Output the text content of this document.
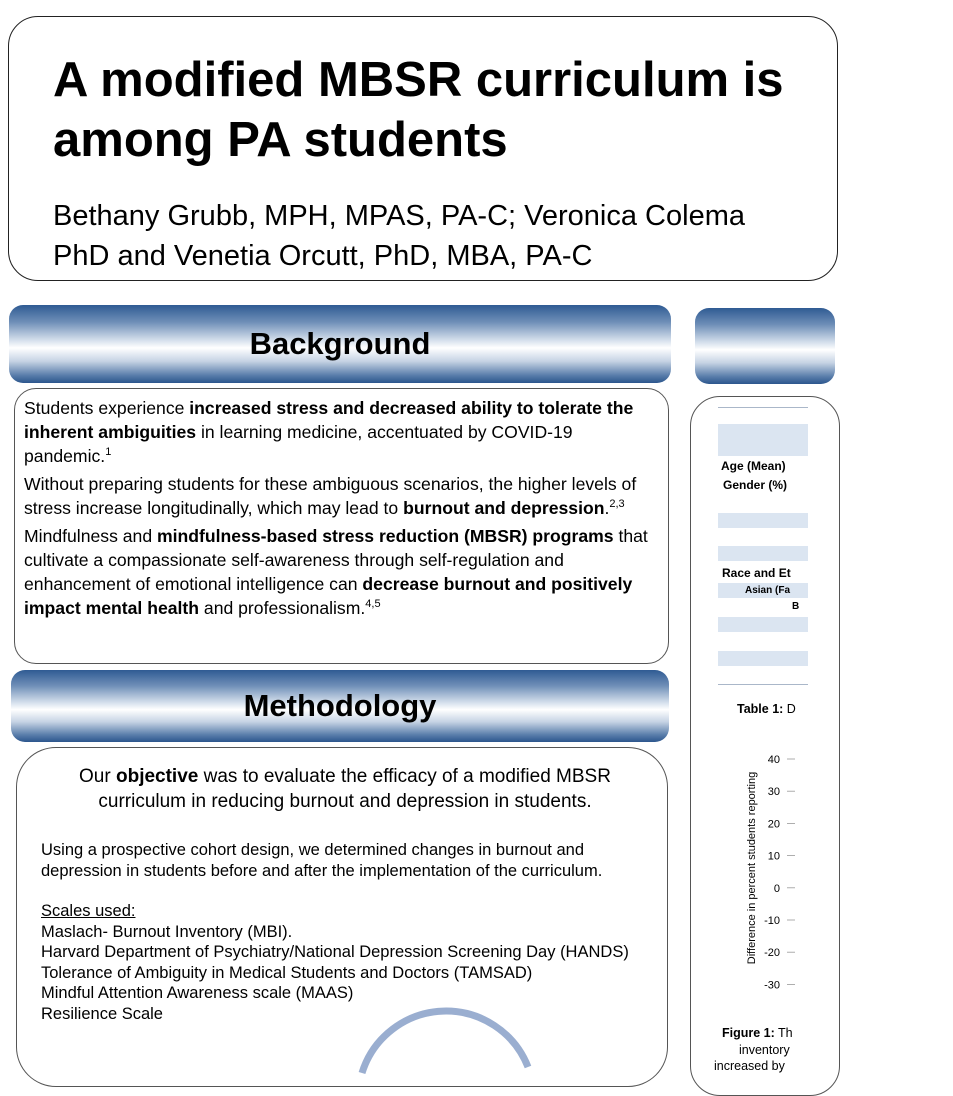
A modified MBSR curriculum is
among PA students
Bethany Grubb, MPH, MPAS, PA-C; Veronica Colema
PhD and Venetia Orcutt, PhD, MBA, PA-C
Background

Students experience increased stress and decreased ability to tolerate the inherent ambiguities in learning medicine, accentuated by COVID-19 pandemic.$^1$

Without preparing students for these ambiguous scenarios, the higher levels of stress increase longitudinally, which may lead to burnout and depression.$^{2,3}$

Mindfulness and mindfulness-based stress reduction (MBSR) programs that cultivate a compassionate self-awareness through self-regulation and enhancement of emotional intelligence can decrease burnout and positively impact mental health and professionalism.$^{4,5}$

Methodology
Our objective was to evaluate the efficacy of a modified MBSR curriculum in reducing burnout and depression in students.

Using a prospective cohort design, we determined changes in burnout and depression in students before and after the implementation of the curriculum.

Scales used:

Maslach- Burnout Inventory (MBI).

Harvard Department of Psychiatry/National Depression Screening Day (HANDS)

Tolerance of Ambiguity in Medical Students and Doctors (TAMSAD)

Mindful Attention Awareness scale (MAAS)

Resilience Scale

Age (Mean)
Gender (%)
Race and Et
Asian (Fa
B
Table 1: D
Difference in percent students reporting
40
30
20
10
0
-10
-20
-30
Figure 1: Th
inventory
increased by
